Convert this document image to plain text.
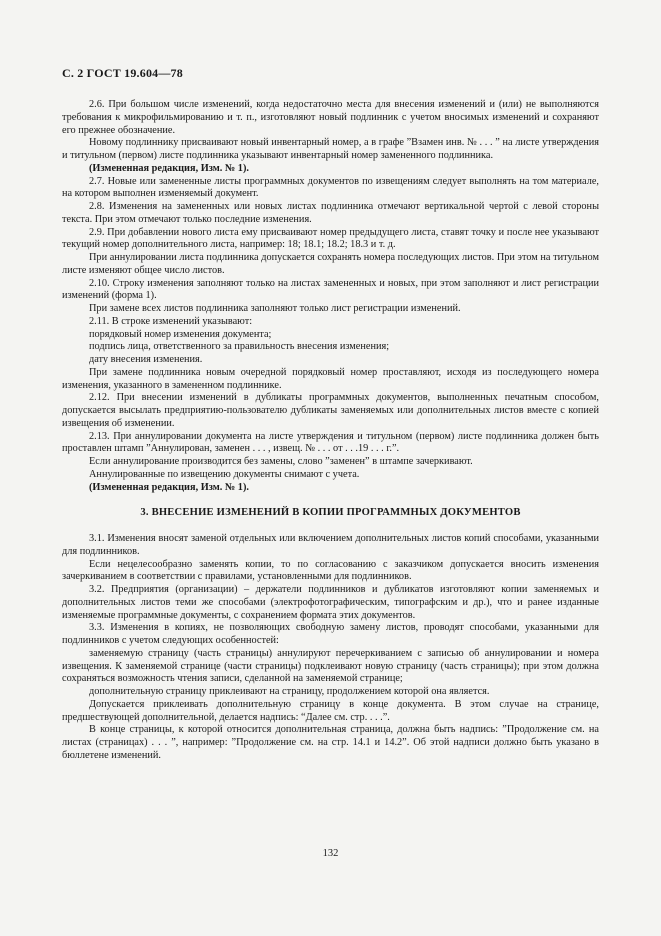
С. 2 ГОСТ 19.604—78

2.6. При большом числе изменений, когда недостаточно места для внесения изменений и (или) не выполняются требования к микрофильмированию и т. п., изготовляют новый подлинник с учетом вносимых изменений и сохраняют его прежнее обозначение.

Новому подлиннику присваивают новый инвентарный номер, а в графе ”Взамен инв. № . . . ” на листе утверждения и титульном (первом) листе подлинника указывают инвентарный номер замененного подлинника.

(Измененная редакция, Изм. № 1).

2.7. Новые или замененные листы программных документов по извещениям следует выполнять на том материале, на котором выполнен изменяемый документ.

2.8. Изменения на замененных или новых листах подлинника отмечают вертикальной чертой с левой стороны текста. При этом отмечают только последние изменения.

2.9. При добавлении нового листа ему присваивают номер предыдущего листа, ставят точку и после нее указывают текущий номер дополнительного листа, например: 18; 18.1; 18.2; 18.3 и т. д.

При аннулировании листа подлинника допускается сохранять номера последующих листов. При этом на титульном листе изменяют общее число листов.

2.10. Строку изменения заполняют только на листах замененных и новых, при этом заполняют и лист регистрации изменений (форма 1).

При замене всех листов подлинника заполняют только лист регистрации изменений.

2.11. В строке изменений указывают:

порядковый номер изменения документа;

подпись лица, ответственного за правильность внесения изменения;

дату внесения изменения.

При замене подлинника новым очередной порядковый номер проставляют, исходя из последующего номера изменения, указанного в замененном подлиннике.

2.12. При внесении изменений в дубликаты программных документов, выполненных печатным способом, допускается высылать предприятию-пользователю дубликаты заменяемых или дополнительных листов вместе с копией извещения об изменении.

2.13. При аннулировании документа на листе утверждения и титульном (первом) листе подлинника должен быть проставлен штамп ”Аннулирован, заменен . . . , извещ. № . . . от . . .19 . . . г.”.

Если аннулирование производится без замены, слово ”заменен” в штампе зачеркивают.

Аннулированные по извещению документы снимают с учета.

(Измененная редакция, Изм. № 1).

3. ВНЕСЕНИЕ ИЗМЕНЕНИЙ В КОПИИ ПРОГРАММНЫХ ДОКУМЕНТОВ

3.1. Изменения вносят заменой отдельных или включением дополнительных листов копий способами, указанными для подлинников.

Если нецелесообразно заменять копии, то по согласованию с заказчиком допускается вносить изменения зачеркиванием в соответствии с правилами, установленными для подлинников.

3.2. Предприятия (организации) – держатели подлинников и дубликатов изготовляют копии заменяемых и дополнительных листов теми же способами (электрофотографическим, типографским и др.), что и ранее изданные изменяемые программные документы, с сохранением формата этих документов.

3.3. Изменения в копиях, не позволяющих свободную замену листов, проводят способами, указанными для подлинников с учетом следующих особенностей:

заменяемую страницу (часть страницы) аннулируют перечеркиванием с записью об аннулировании и номера извещения. К заменяемой странице (части страницы) подклеивают новую страницу (часть страницы); при этом должна сохраняться возможность чтения записи, сделанной на заменяемой странице;

дополнительную страницу приклеивают на страницу, продолжением которой она является.

Допускается приклеивать дополнительную страницу в конце документа. В этом случае на странице, предшествующей дополнительной, делается надпись: “Далее см. стр. . . .”.

В конце страницы, к которой относится дополнительная страница, должна быть надпись: ”Продолжение см. на листах (страницах) . . . ”, например: ”Продолжение см. на стр. 14.1 и 14.2”. Об этой надписи должно быть указано в бюллетене изменений.

132
